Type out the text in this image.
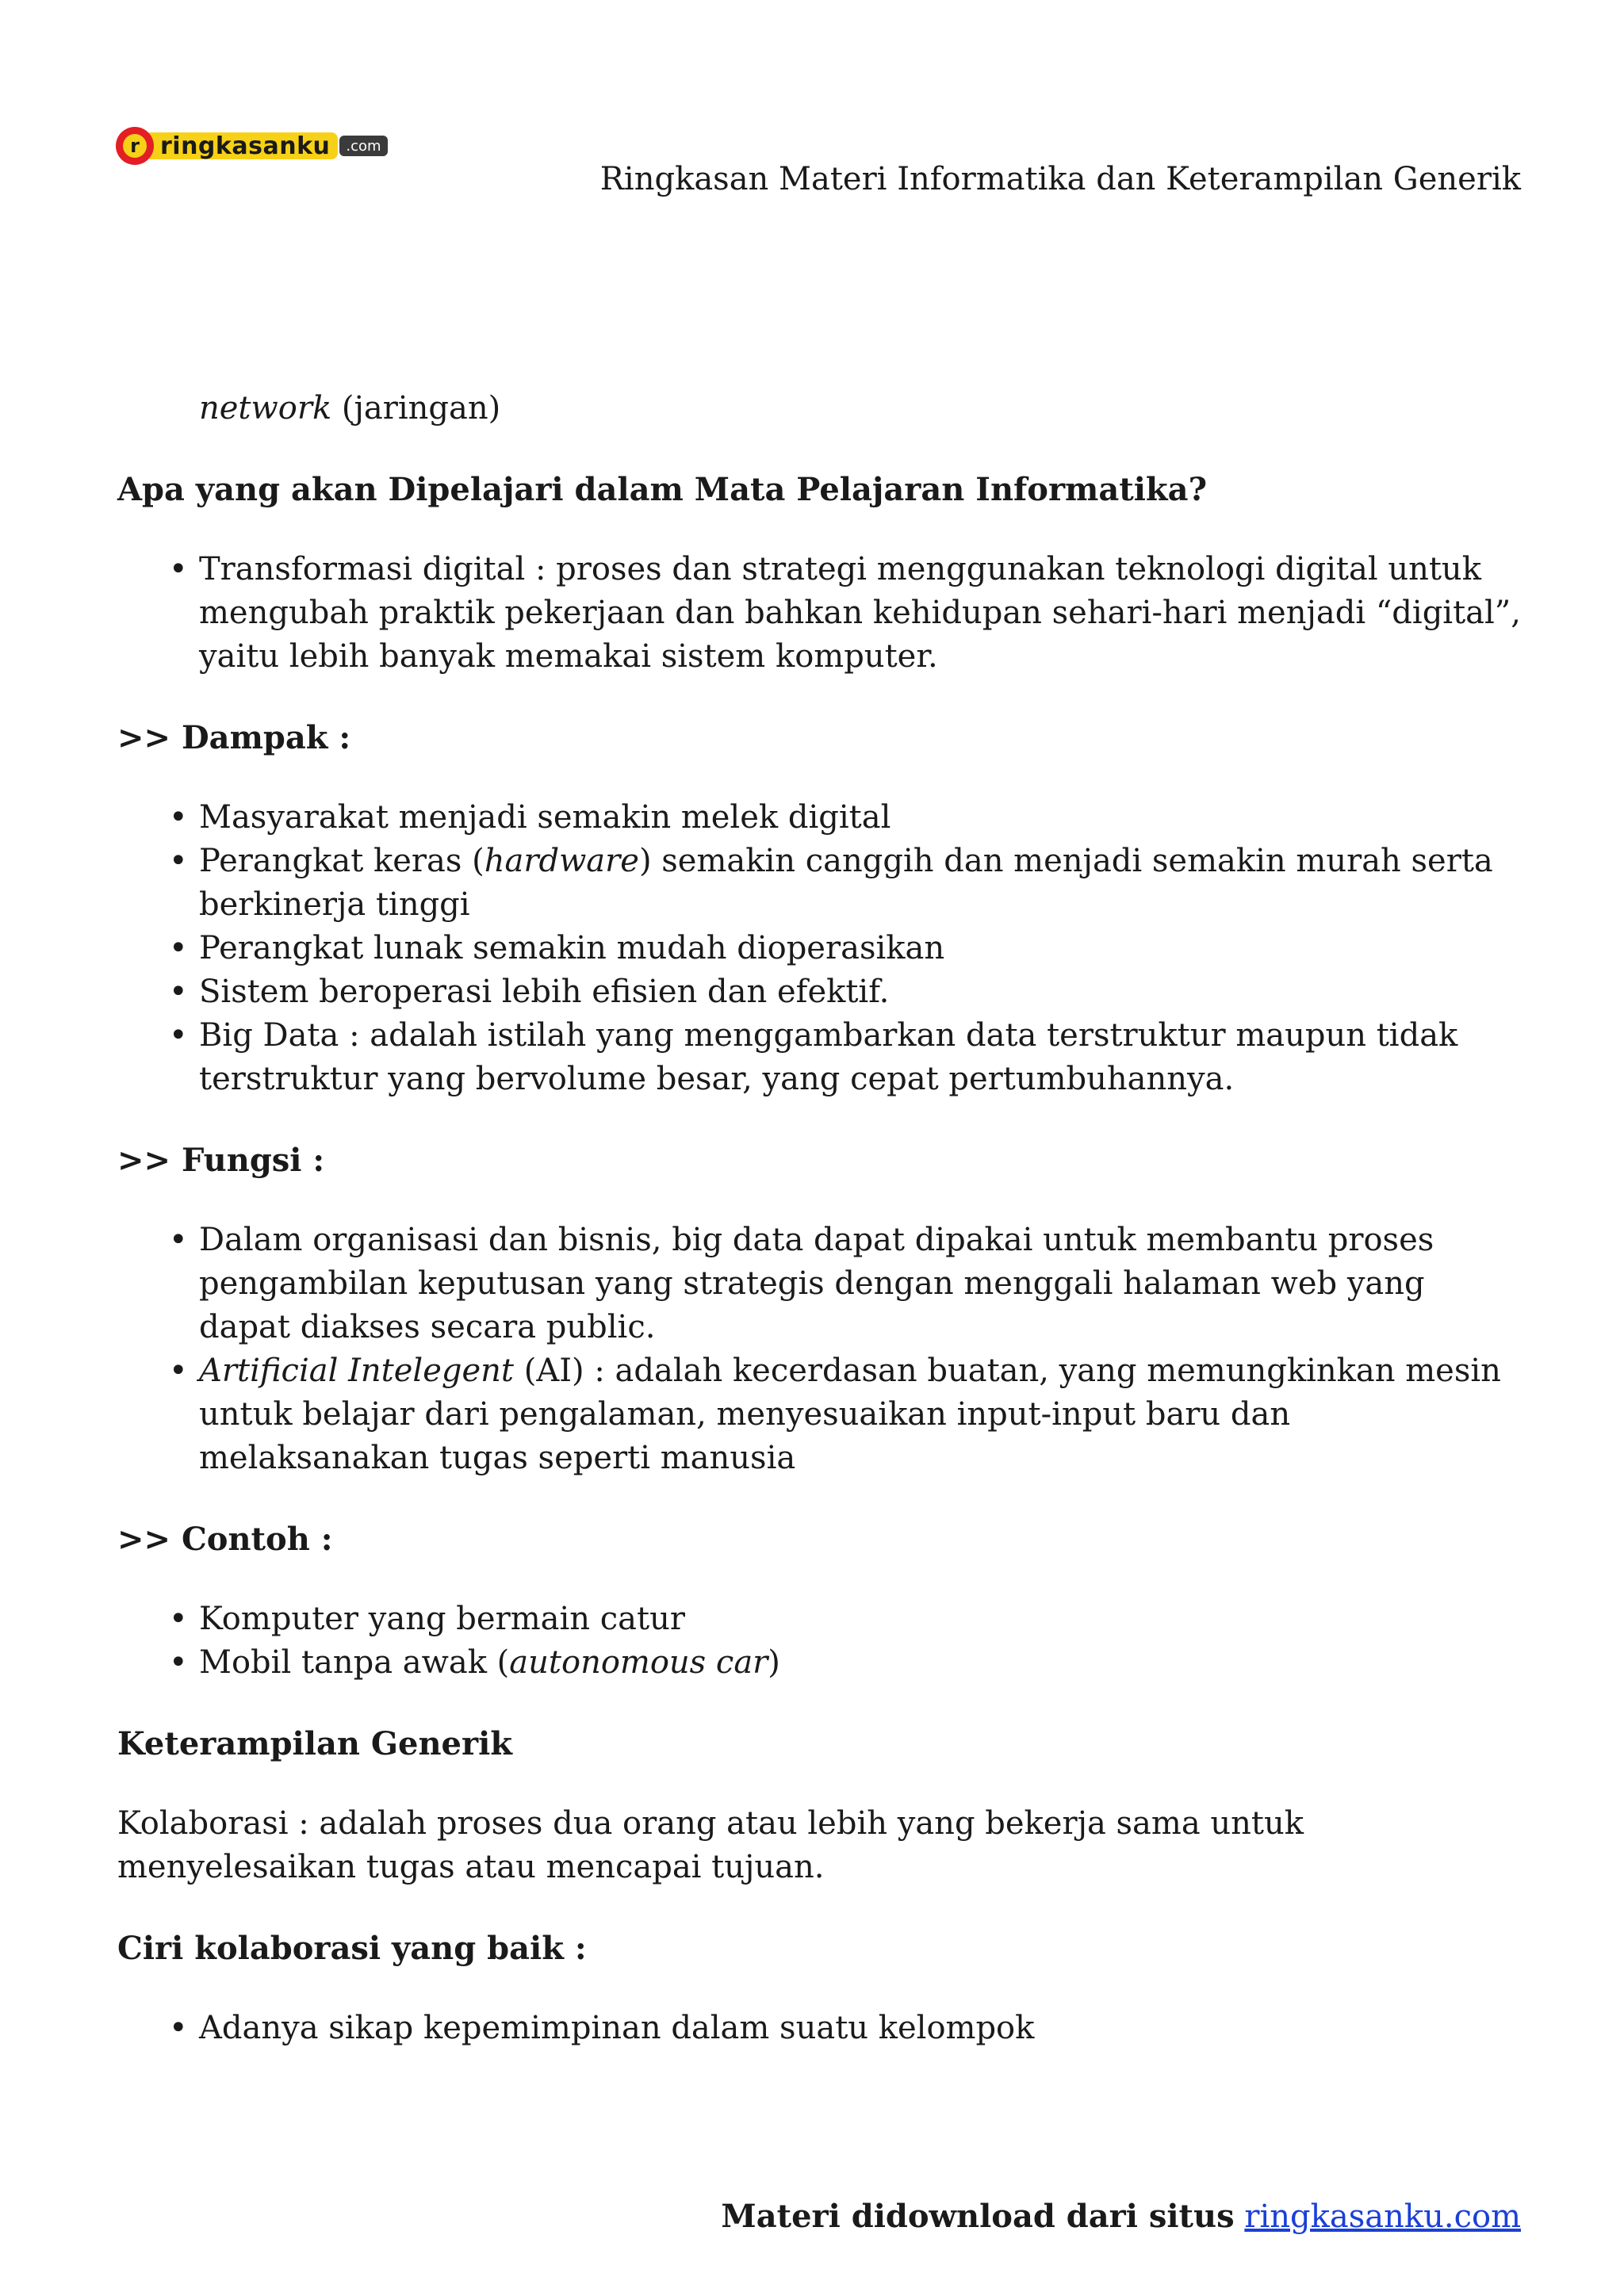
r ringkasanku	.com
Ringkasan Materi Informatika dan Keterampilan Generik

network (jaringan)

Apa yang akan Dipelajari dalam Mata Pelajaran Informatika?

• Transformasi digital : proses dan strategi menggunakan teknologi digital untuk mengubah praktik pekerjaan dan bahkan kehidupan sehari-hari menjadi “digital”, yaitu lebih banyak memakai sistem komputer.

>> Dampak :

• Masyarakat menjadi semakin melek digital
• Perangkat keras (hardware) semakin canggih dan menjadi semakin murah serta berkinerja tinggi
• Perangkat lunak semakin mudah dioperasikan
• Sistem beroperasi lebih efisien dan efektif.
• Big Data : adalah istilah yang menggambarkan data terstruktur maupun tidak terstruktur yang bervolume besar, yang cepat pertumbuhannya.

>> Fungsi :

• Dalam organisasi dan bisnis, big data dapat dipakai untuk membantu proses pengambilan keputusan yang strategis dengan menggali halaman web yang dapat diakses secara public.
• Artificial Intelegent (AI) : adalah kecerdasan buatan, yang memungkinkan mesin untuk belajar dari pengalaman, menyesuaikan input-input baru dan melaksanakan tugas seperti manusia

>> Contoh :

• Komputer yang bermain catur
• Mobil tanpa awak (autonomous car)

Keterampilan Generik

Kolaborasi : adalah proses dua orang atau lebih yang bekerja sama untuk menyelesaikan tugas atau mencapai tujuan.

Ciri kolaborasi yang baik :

• Adanya sikap kepemimpinan dalam suatu kelompok
Materi didownload dari situs ringkasanku.com
